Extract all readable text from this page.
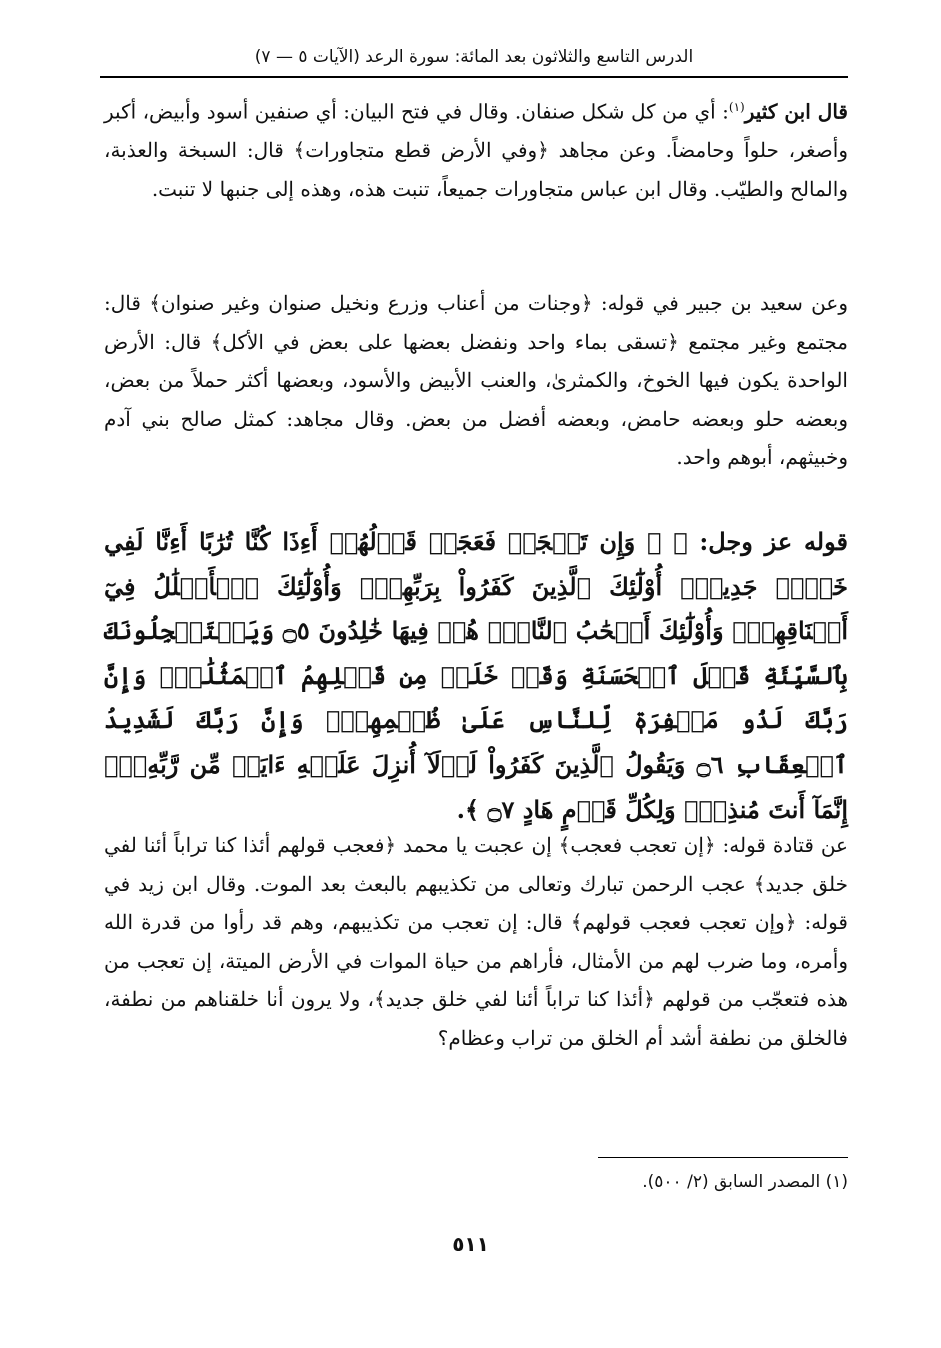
الدرس التاسع والثلاثون بعد المائة: سورة الرعد (الآيات ٥ — ٧)

قال ابن كثير$^{(١)}$: أي من كل شكل صنفان. وقال في فتح البيان: أي صنفين أسود وأبيض، أكبر وأصغر، حلواً وحامضاً. وعن مجاهد ﴿وفي الأرض قطع متجاورات﴾ قال: السبخة والعذبة، والمالح والطيّب. وقال ابن عباس متجاورات جميعاً، تنبت هذه، وهذه إلى جنبها لا تنبت.

وعن سعيد بن جبير في قوله: ﴿وجنات من أعناب وزرع ونخيل صنوان وغير صنوان﴾ قال: مجتمع وغير مجتمع ﴿تسقى بماء واحد ونفضل بعضها على بعض في الأكل﴾ قال: الأرض الواحدة يكون فيها الخوخ، والكمثرىٰ، والعنب الأبيض والأسود، وبعضها أكثر حملاً من بعض، وبعضه حلو وبعضه حامض، وبعضه أفضل من بعض. وقال مجاهد: كمثل صالح بني آدم وخبيثهم، أبوهم واحد.

قوله عز وجل: ﴿ ۞ وَإِن تَعۡجَبۡ فَعَجَبٞ قَوۡلُهُمۡ أَءِذَا كُنَّا تُرَٰبًا أَءِنَّا لَفِي خَلۡقٖ جَدِيدٍۗ أُوْلَٰٓئِكَ ٱلَّذِينَ كَفَرُواْ بِرَبِّهِمۡۖ وَأُوْلَٰٓئِكَ ٱلۡأَغۡلَٰلُ فِيٓ أَعۡنَاقِهِمۡۖ وَأُوْلَٰٓئِكَ أَصۡحَٰبُ ٱلنَّارِۖ هُمۡ فِيهَا خَٰلِدُونَ ۝٥ وَيَسۡتَعۡجِلُونَكَ بِٱلسَّيِّئَةِ قَبۡلَ ٱلۡحَسَنَةِ وَقَدۡ خَلَتۡ مِن قَبۡلِهِمُ ٱلۡمَثُلَٰتُۗ وَإِنَّ رَبَّكَ لَذُو مَغۡفِرَةٖ لِّلنَّاسِ عَلَىٰ ظُلۡمِهِمۡۖ وَإِنَّ رَبَّكَ لَشَدِيدُ ٱلۡعِقَابِ ۝٦ وَيَقُولُ ٱلَّذِينَ كَفَرُواْ لَوۡلَآ أُنزِلَ عَلَيۡهِ ءَايَةٞ مِّن رَّبِّهِۦٓۗ إِنَّمَآ أَنتَ مُنذِرٞۖ وَلِكُلِّ قَوۡمٍ هَادٍ ۝٧ ﴾.

عن قتادة قوله: ﴿إن تعجب فعجب﴾ إن عجبت يا محمد ﴿فعجب قولهم أئذا كنا تراباً أئنا لفي خلق جديد﴾ عجب الرحمن تبارك وتعالى من تكذيبهم بالبعث بعد الموت. وقال ابن زيد في قوله: ﴿وإن تعجب فعجب قولهم﴾ قال: إن تعجب من تكذيبهم، وهم قد رأوا من قدرة الله وأمره، وما ضرب لهم من الأمثال، فأراهم من حياة الموات في الأرض الميتة، إن تعجب من هذه فتعجّب من قولهم ﴿أئذا كنا تراباً أئنا لفي خلق جديد﴾، ولا يرون أنا خلقناهم من نطفة، فالخلق من نطفة أشد أم الخلق من تراب وعظام؟

(١) المصدر السابق (٢/ ٥٠٠).
٥١١
